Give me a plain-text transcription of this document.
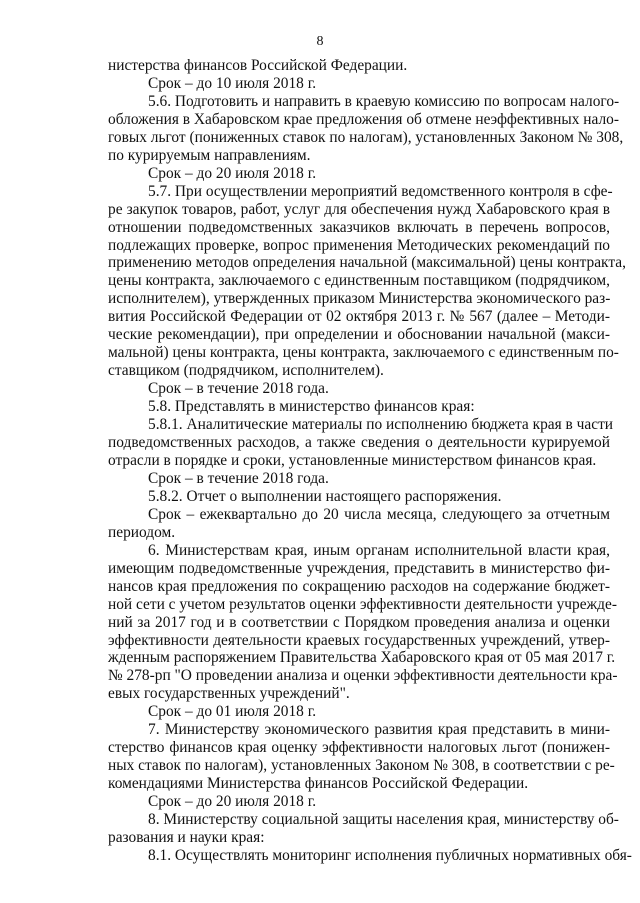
8
нистерства финансов Российской Федерации.
Срок – до 10 июля 2018 г.
5.6. Подготовить и направить в краевую комиссию по вопросам налого-
обложения в Хабаровском крае предложения об отмене неэффективных нало-
говых льгот (пониженных ставок по налогам), установленных Законом № 308,
по курируемым направлениям.
Срок – до 20 июля 2018 г.
5.7. При осуществлении мероприятий ведомственного контроля в сфе-
ре закупок товаров, работ, услуг для обеспечения нужд Хабаровского края в
отношении подведомственных заказчиков включать в перечень вопросов,
подлежащих проверке, вопрос применения Методических рекомендаций по
применению методов определения начальной (максимальной) цены контракта,
цены контракта, заключаемого с единственным поставщиком (подрядчиком,
исполнителем), утвержденных приказом Министерства экономического раз-
вития Российской Федерации от 02 октября 2013 г. № 567 (далее – Методи-
ческие рекомендации), при определении и обосновании начальной (макси-
мальной) цены контракта, цены контракта, заключаемого с единственным по-
ставщиком (подрядчиком, исполнителем).
Срок – в течение 2018 года.
5.8. Представлять в министерство финансов края:
5.8.1. Аналитические материалы по исполнению бюджета края в части
подведомственных расходов, а также сведения о деятельности курируемой
отрасли в порядке и сроки, установленные министерством финансов края.
Срок – в течение 2018 года.
5.8.2. Отчет о выполнении настоящего распоряжения.
Срок – ежеквартально до 20 числа месяца, следующего за отчетным
периодом.
6. Министерствам края, иным органам исполнительной власти края,
имеющим подведомственные учреждения, представить в министерство фи-
нансов края предложения по сокращению расходов на содержание бюджет-
ной сети с учетом результатов оценки эффективности деятельности учрежде-
ний за 2017 год и в соответствии с Порядком проведения анализа и оценки
эффективности деятельности краевых государственных учреждений, утвер-
жденным распоряжением Правительства Хабаровского края от 05 мая 2017 г.
№ 278-рп "О проведении анализа и оценки эффективности деятельности кра-
евых государственных учреждений".
Срок – до 01 июля 2018 г.
7. Министерству экономического развития края представить в мини-
стерство финансов края оценку эффективности налоговых льгот (понижен-
ных ставок по налогам), установленных Законом № 308, в соответствии с ре-
комендациями Министерства финансов Российской Федерации.
Срок – до 20 июля 2018 г.
8. Министерству социальной защиты населения края, министерству об-
разования и науки края:
8.1. Осуществлять мониторинг исполнения публичных нормативных обя-
